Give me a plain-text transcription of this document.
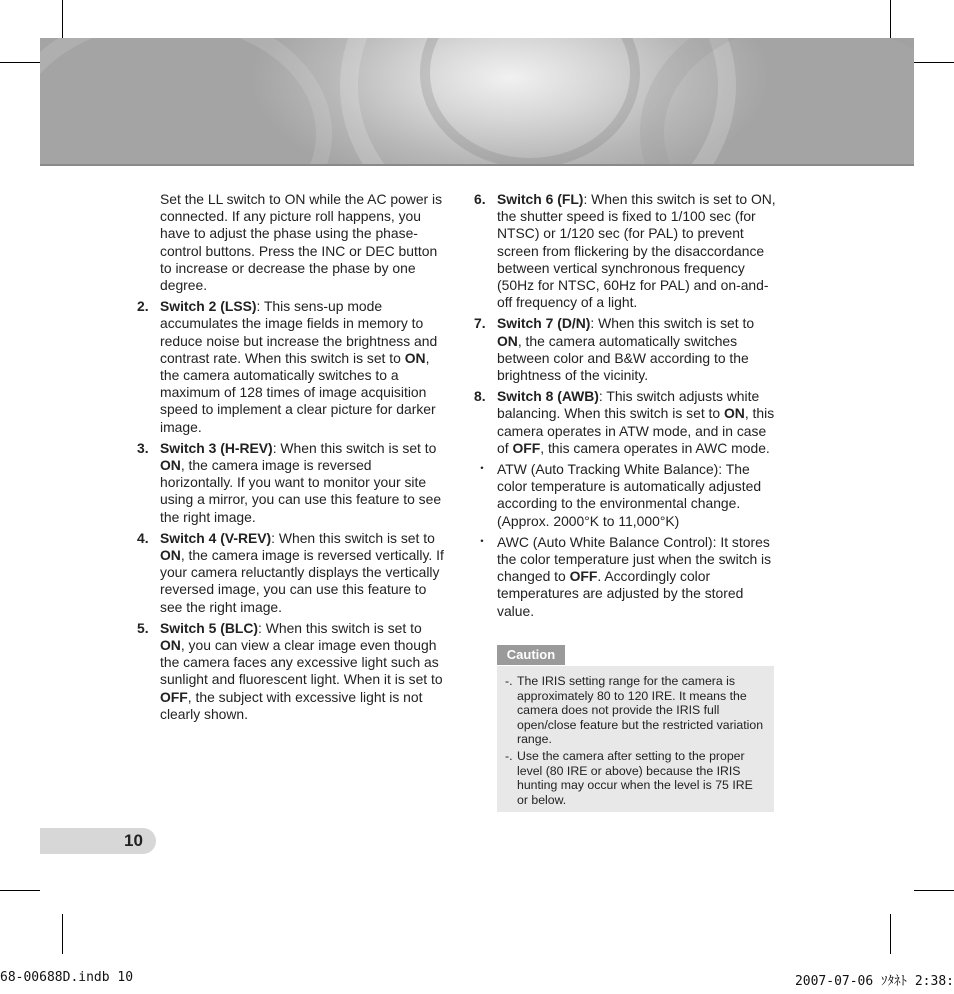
Set the LL switch to ON while the AC power is connected. If any picture roll happens, you have to adjust the phase using the phase-control buttons. Press the INC or DEC button to increase or decrease the phase by one degree.

2. Switch 2 (LSS): This sens-up mode accumulates the image fields in memory to reduce noise but increase the brightness and contrast rate. When this switch is set to ON, the camera automatically switches to a maximum of 128 times of image acquisition speed to implement a clear picture for darker image.
3. Switch 3 (H-REV): When this switch is set to ON, the camera image is reversed horizontally. If you want to monitor your site using a mirror, you can use this feature to see the right image.
4. Switch 4 (V-REV): When this switch is set to ON, the camera image is reversed vertically. If your camera reluctantly displays the vertically reversed image, you can use this feature to see the right image.
5. Switch 5 (BLC): When this switch is set to ON, you can view a clear image even though the camera faces any excessive light such as sunlight and fluorescent light. When it is set to OFF, the subject with excessive light is not clearly shown.
6. Switch 6 (FL): When this switch is set to ON, the shutter speed is fixed to 1/100 sec (for NTSC) or 1/120 sec (for PAL) to prevent screen from flickering by the disaccordance between vertical synchronous frequency (50Hz for NTSC, 60Hz for PAL) and on-and-off frequency of a light.
7. Switch 7 (D/N): When this switch is set to ON, the camera automatically switches between color and B&W according to the brightness of the vicinity.
8. Switch 8 (AWB): This switch adjusts white balancing. When this switch is set to ON, this camera operates in ATW mode, and in case of OFF, this camera operates in AWC mode.
・ ATW (Auto Tracking White Balance): The color temperature is automatically adjusted according to the environmental change. (Approx. 2000°K to 11,000°K)
・ AWC (Auto White Balance Control): It stores the color temperature just when the switch is changed to OFF. Accordingly color temperatures are adjusted by the stored value.
Caution

-. The IRIS setting range for the camera is approximately 80 to 120 IRE. It means the camera does not provide the IRIS full open/close feature but the restricted variation range.

-. Use the camera after setting to the proper level (80 IRE or above) because the IRIS hunting may occur when the level is 75 IRE or below.

10
68-00688D.indb 10	2007-07-06 ｿﾀﾈﾄ 2:38:
